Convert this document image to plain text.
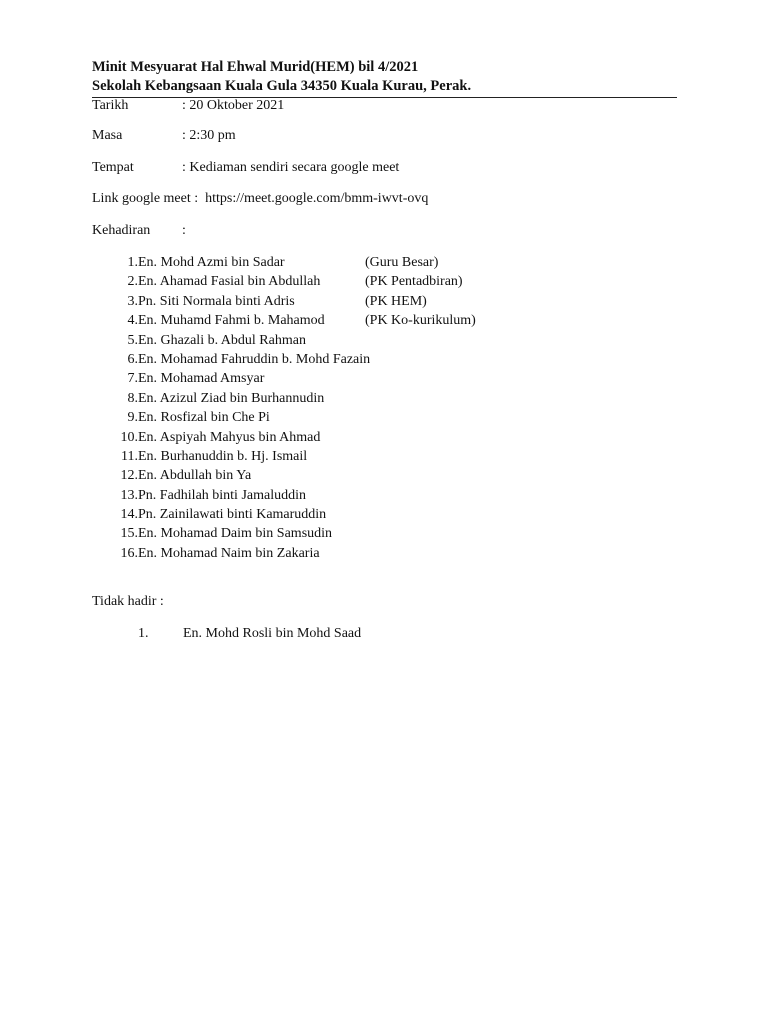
Minit Mesyuarat Hal Ehwal Murid(HEM) bil 4/2021
Sekolah Kebangsaan Kuala Gula 34350 Kuala Kurau, Perak.
Tarikh	: 20 Oktober 2021
Masa	: 2:30 pm
Tempat	: Kediaman sendiri secara google meet
Link google meet : https://meet.google.com/bmm-iwvt-ovq
Kehadiran :
1. En. Mohd Azmi bin Sadar	(Guru Besar)
2. En. Ahamad Fasial bin Abdullah	(PK Pentadbiran)
3. Pn. Siti Normala binti Adris	(PK HEM)
4. En. Muhamd Fahmi b. Mahamod	(PK Ko-kurikulum)
5. En. Ghazali b. Abdul Rahman
6. En. Mohamad Fahruddin b. Mohd Fazain
7. En. Mohamad Amsyar
8. En. Azizul Ziad bin Burhannudin
9. En. Rosfizal bin Che Pi
10. En. Aspiyah Mahyus bin Ahmad
11. En. Burhanuddin b. Hj. Ismail
12. En. Abdullah bin Ya
13. Pn. Fadhilah binti Jamaluddin
14. Pn. Zainilawati binti Kamaruddin
15. En. Mohamad Daim bin Samsudin
16. En. Mohamad Naim bin Zakaria
Tidak hadir :
1. En. Mohd Rosli bin Mohd Saad
